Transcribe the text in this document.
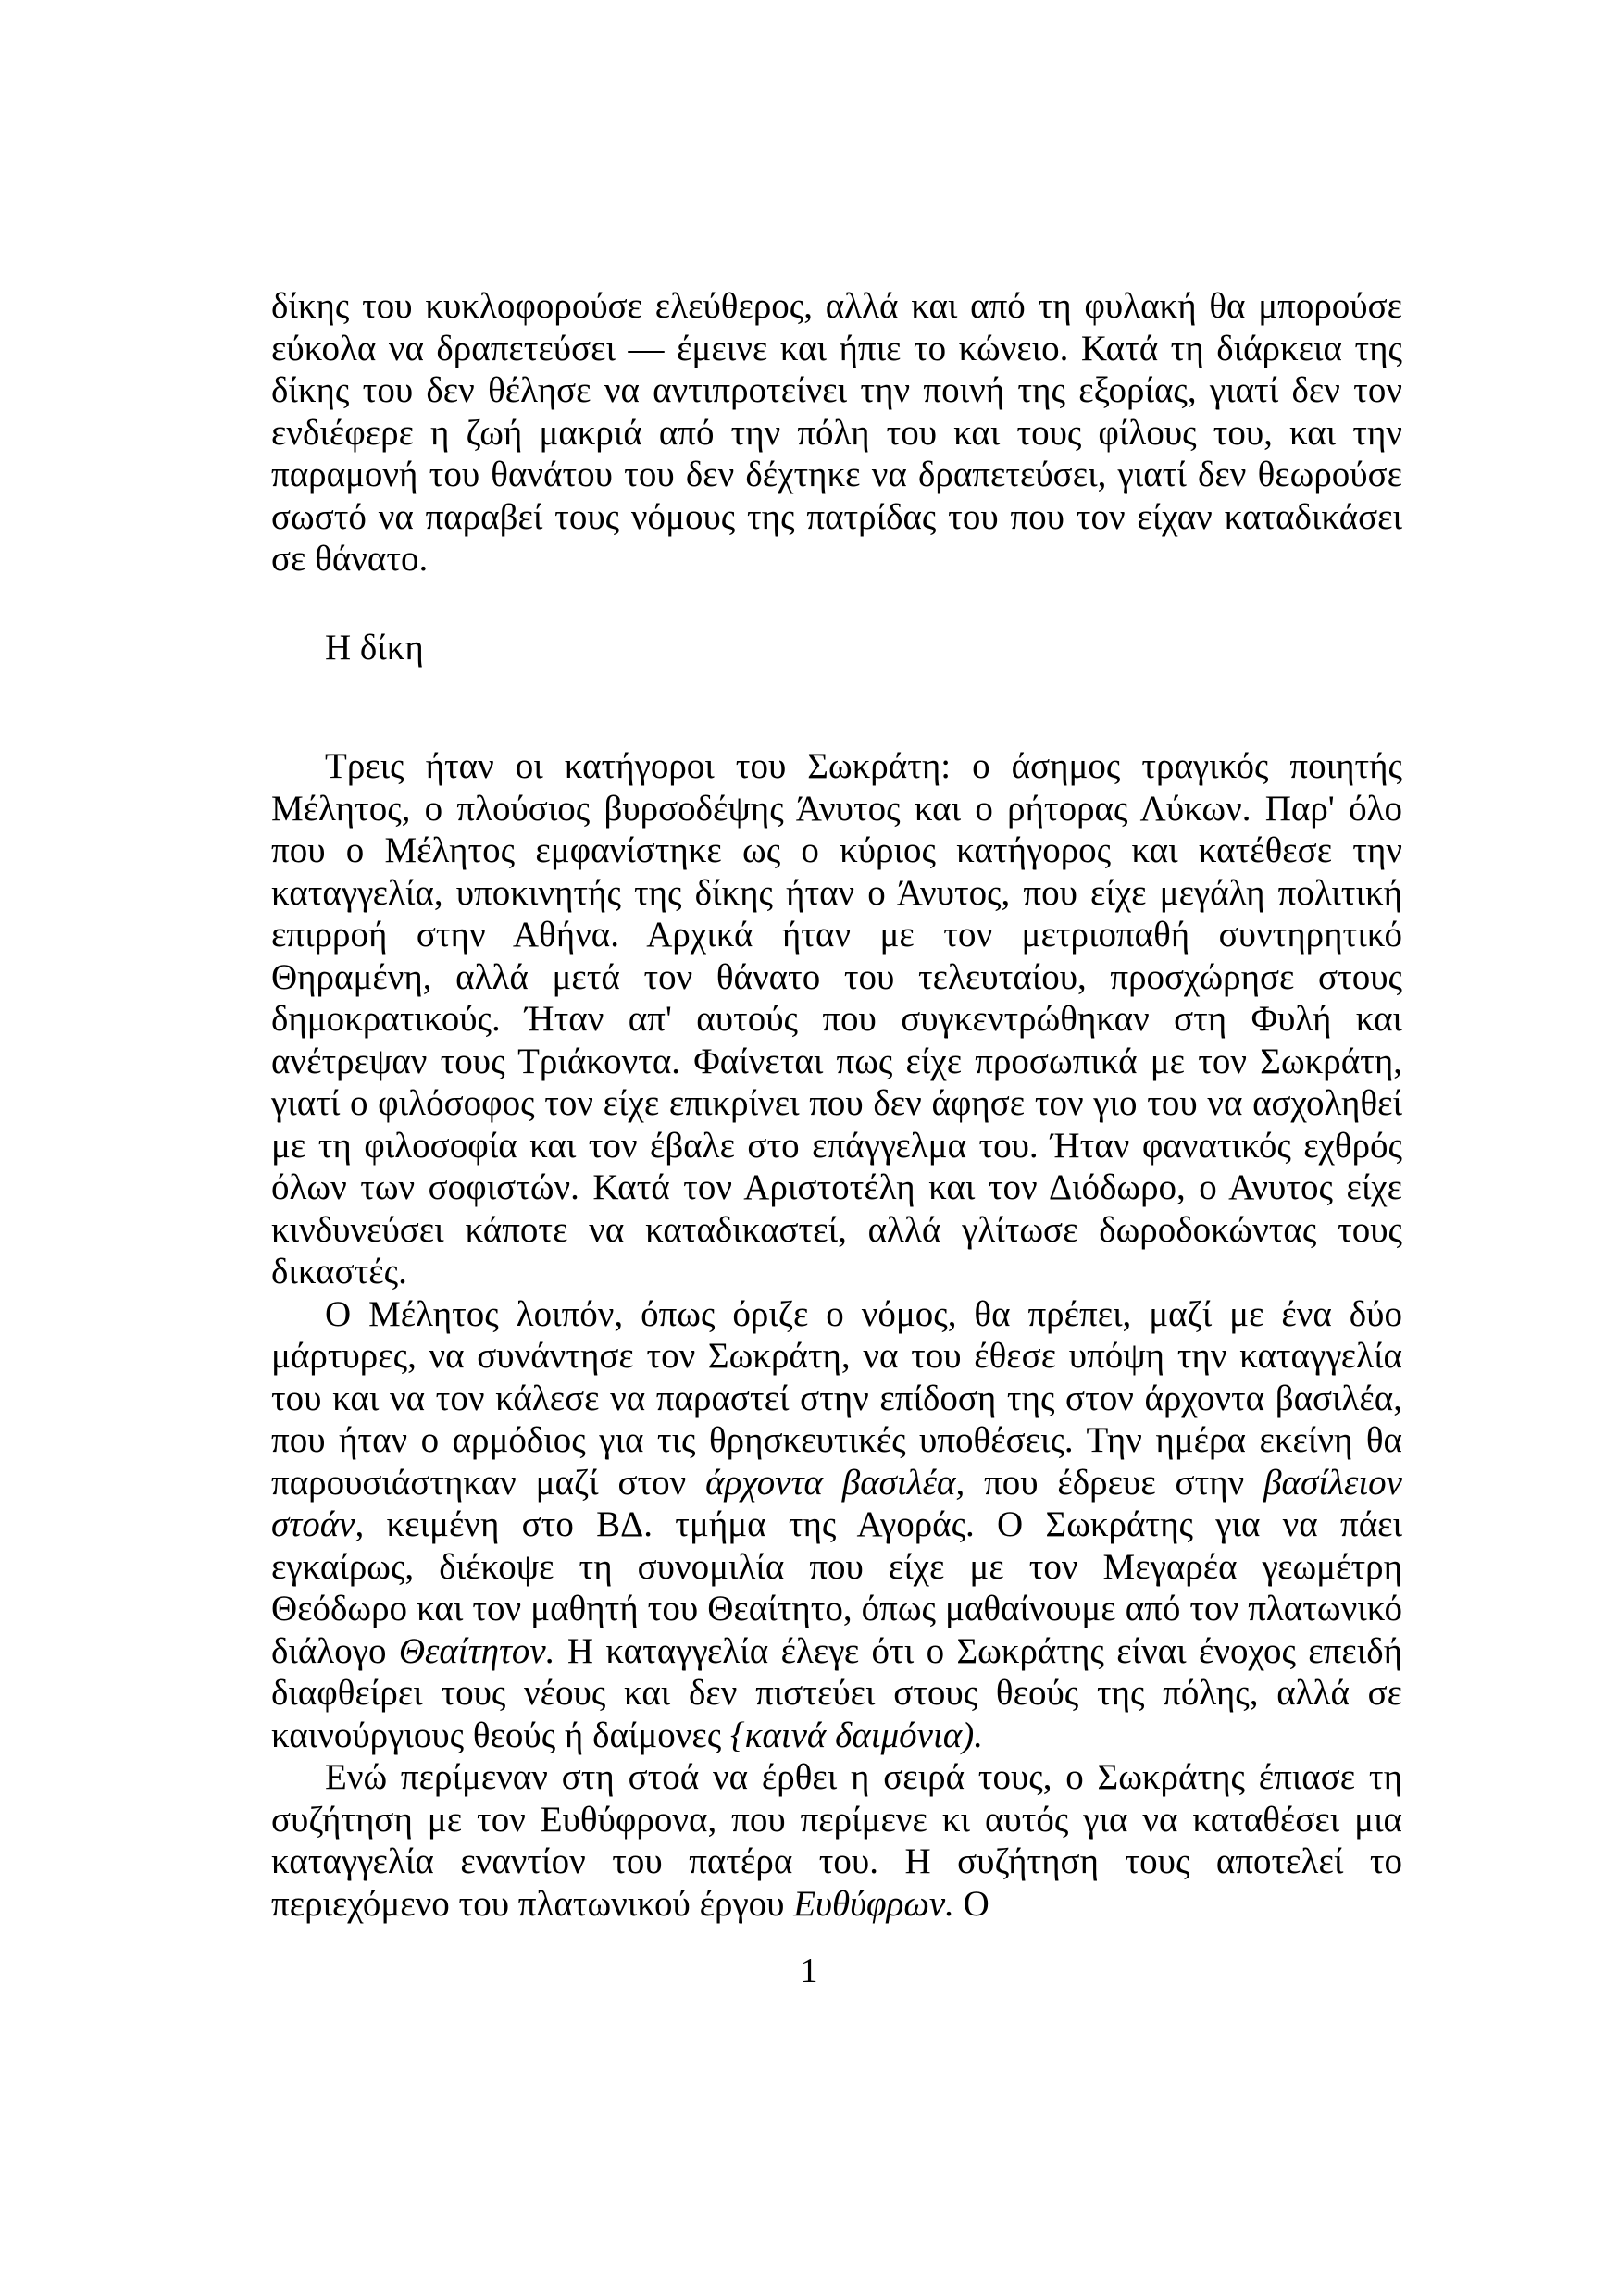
δίκης του κυκλοφορούσε ελεύθερος, αλλά και από τη φυλακή θα μπορούσε εύκολα να δραπετεύσει — έμεινε και ήπιε το κώνειο. Κατά τη διάρκεια της δίκης του δεν θέλησε να αντιπροτείνει την ποινή της εξορίας, γιατί δεν τον ενδιέφερε η ζωή μακριά από την πόλη του και τους φίλους του, και την παραμονή του θανάτου του δεν δέχτηκε να δραπετεύσει, γιατί δεν θεωρούσε σωστό να παραβεί τους νόμους της πατρίδας του που τον είχαν καταδικάσει σε θάνατο.

Η δίκη

Τρεις ήταν οι κατήγοροι του Σωκράτη: ο άσημος τραγικός ποιητής Μέλητος, ο πλούσιος βυρσοδέψης Άνυτος και ο ρήτορας Λύκων. Παρ' όλο που ο Μέλητος εμφανίστηκε ως ο κύριος κατήγορος και κατέθεσε την καταγγελία, υποκινητής της δίκης ήταν ο Άνυτος, που είχε μεγάλη πολιτική επιρροή στην Αθήνα. Αρχικά ήταν με τον μετριοπαθή συντηρητικό Θηραμένη, αλλά μετά τον θάνατο του τελευταίου, προσχώρησε στους δημοκρατικούς. Ήταν απ' αυτούς που συγκεντρώθηκαν στη Φυλή και ανέτρεψαν τους Τριάκοντα. Φαίνεται πως είχε προσωπικά με τον Σωκράτη, γιατί ο φιλόσοφος τον είχε επικρίνει που δεν άφησε τον γιο του να ασχοληθεί με τη φιλοσοφία και τον έβαλε στο επάγγελμα του. Ήταν φανατικός εχθρός όλων των σοφιστών. Κατά τον Αριστοτέλη και τον Διόδωρο, ο Ανυτος είχε κινδυνεύσει κάποτε να καταδικαστεί, αλλά γλίτωσε δωροδοκώντας τους δικαστές.

Ο Μέλητος λοιπόν, όπως όριζε ο νόμος, θα πρέπει, μαζί με ένα δύο μάρτυρες, να συνάντησε τον Σωκράτη, να του έθεσε υπόψη την καταγγελία του και να τον κάλεσε να παραστεί στην επίδοση της στον άρχοντα βασιλέα, που ήταν ο αρμόδιος για τις θρησκευτικές υποθέσεις. Την ημέρα εκείνη θα παρουσιάστηκαν μαζί στον άρχοντα βασιλέα, που έδρευε στην βασίλειον στοάν, κειμένη στο ΒΔ. τμήμα της Αγοράς. Ο Σωκράτης για να πάει εγκαίρως, διέκοψε τη συνομιλία που είχε με τον Μεγαρέα γεωμέτρη Θεόδωρο και τον μαθητή του Θεαίτητο, όπως μαθαίνουμε από τον πλατωνικό διάλογο Θεαίτητον. Η καταγγελία έλεγε ότι ο Σωκράτης είναι ένοχος επειδή διαφθείρει τους νέους και δεν πιστεύει στους θεούς της πόλης, αλλά σε καινούργιους θεούς ή δαίμονες {καινά δαιμόνια).

Ενώ περίμεναν στη στοά να έρθει η σειρά τους, ο Σωκράτης έπιασε τη συζήτηση με τον Ευθύφρονα, που περίμενε κι αυτός για να καταθέσει μια καταγγελία εναντίον του πατέρα του. Η συζήτηση τους αποτελεί το περιεχόμενο του πλατωνικού έργου Ευθύφρων. Ο

1
